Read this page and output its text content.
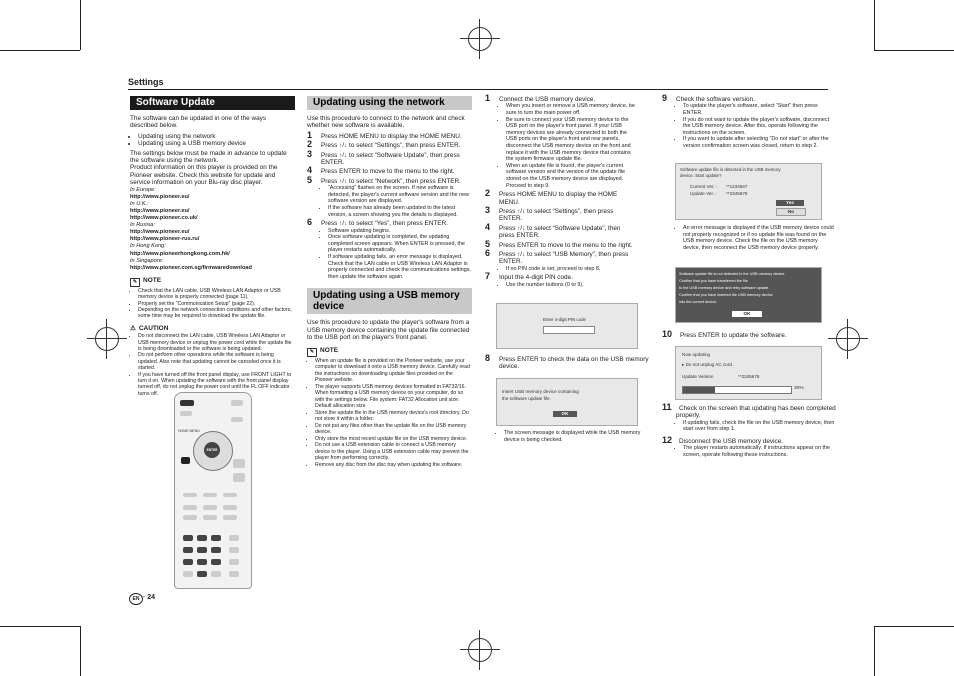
Settings
Software Update

The software can be updated in one of the ways described below.

• Updating using the network
• Updating using a USB memory device

The settings below must be made in advance to update the software using the network.

Product information on this player is provided on the Pioneer website. Check this website for update and service information on your Blu-ray disc player.

In Europe:

http://www.pioneer.eu/

In U.K.:

http://www.pioneer.eu/

http://www.pioneer.co.uk/

In Russia:

http://www.pioneer.eu/

http://www.pioneer-rus.ru/

In Hong Kong:

http://www.pioneerhongkong.com.hk/

In Singapore:

http://www.pioneer.com.sg/firmwaredownload

✎ NOTE
• Check that the LAN cable, USB Wireless LAN Adaptor or USB memory device is properly connected (page 11).
• Properly set the “Communication Setup” (page 22).
• Depending on the network connection conditions and other factors, some time may be required to download the update file.
⚠ CAUTION
• Do not disconnect the LAN cable, USB Wireless LAN Adaptor or USB memory device or unplug the power cord while the update file is being downloaded or the software is being updated.
• Do not perform other operations while the software is being updated. Also note that updating cannot be canceled once it is started.
• If you have turned off the front panel display, use FRONT LIGHT to turn it on. When updating the software with the front panel display turned off, do not unplug the power cord until the FL OFF indicator turns off.
HOME MENU
ENTER
EN · 24
Updating using the network

Use this procedure to connect to the network and check whether new software is available.

1 Press HOME MENU to display the HOME MENU.
2 Press ↑/↓ to select “Settings”, then press ENTER.
3 Press ↑/↓ to select “Software Update”, then press ENTER.
4 Press ENTER to move to the menu to the right.
5 Press ↑/↓ to select “Network”, then press ENTER.
• “Accessing” flashes on the screen. If new software is detected, the player's current software version and the new software version are displayed.
• If the software has already been updated to the latest version, a screen showing you the details is displayed.
6 Press ↑/↓ to select “Yes”, then press ENTER.
• Software updating begins.
• Once software updating is completed, the updating completed screen appears. When ENTER is pressed, the player restarts automatically.
• If software updating fails, an error message is displayed. Check that the LAN cable or USB Wireless LAN Adaptor is properly connected and check the communications settings, then update the software again.
Updating using a USB memory device

Use this procedure to update the player's software from a USB memory device containing the update file connected to the USB port on the player's front panel.

✎ NOTE
• When an update file is provided on the Pioneer website, use your computer to download it onto a USB memory device. Carefully read the instructions on downloading update files provided on the Pioneer website.
• The player supports USB memory devices formatted in FAT32/16. When formatting a USB memory device on your computer, do so with the settings below. File system: FAT32 Allocation unit size: Default allocation size
• Store the update file in the USB memory device's root directory. Do not store it within a folder.
• Do not put any files other than the update file on the USB memory device.
• Only store the most recent update file on the USB memory device.
• Do not use a USB extension cable to connect a USB memory device to the player. Using a USB extension cable may prevent the player from performing correctly.
• Remove any disc from the disc tray when updating the software.
1 Connect the USB memory device.
• When you insert or remove a USB memory device, be sure to turn the main power off.
• Be sure to connect your USB memory device to the USB port on the player's front panel. If your USB memory devices are already connected to both the USB ports on the player's front and rear panels, disconnect the USB memory device on the front and replace it with the USB memory device that contains the system firmware update file.
• When an update file is found, the player's current software version and the version of the update file stored on the USB memory device are displayed. Proceed to step 9.
2 Press HOME MENU to display the HOME MENU.
3 Press ↑/↓ to select “Settings”, then press ENTER.
4 Press ↑/↓ to select “Software Update”, then press ENTER.
5 Press ENTER to move to the menu to the right.
6 Press ↑/↓ to select “USB Memory”, then press ENTER.
• If no PIN code is set, proceed to step 8.
7 Input the 4-digit PIN code.
• Use the number buttons (0 to 9).
Enter 4-digit PIN code
8 Press ENTER to check the data on the USB memory device.
Insert USB memory device containing
the software update file.
OK
• The screen message is displayed while the USB memory device is being checked.
9 Check the software version.
• To update the player's software, select “Start” then press ENTER.
• If you do not want to update the player's software, disconnect the USB memory device. After this, operate following the instructions on the screen.
• If you want to update after selecting “Do not start” or after the version confirmation screen was closed, return to step 2.
Software update file is detected in the USB memory
device. Start update?
Current Ver. : **1234567
Update Ver. : **2345678
Yes
No
• An error message is displayed if the USB memory device could not properly recognized or if no update file was found on the USB memory device. Check the file on the USB memory device, then reconnect the USB memory device properly.
Software update file is not detected in the USB memory device.
Confirm that you have transferred the file
to the USB memory device and retry software update.
Confirm that you have inserted the USB memory device
into the correct device.
OK
10 Press ENTER to update the software.
Now updating
▸ Do not unplug AC cord.
Update Version	**2345678
30%
11 Check on the screen that updating has been completed properly.
• If updating fails, check the file on the USB memory device, then start over from step 1.
12 Disconnect the USB memory device.
• The player restarts automatically. If instructions appear on the screen, operate following these instructions.
